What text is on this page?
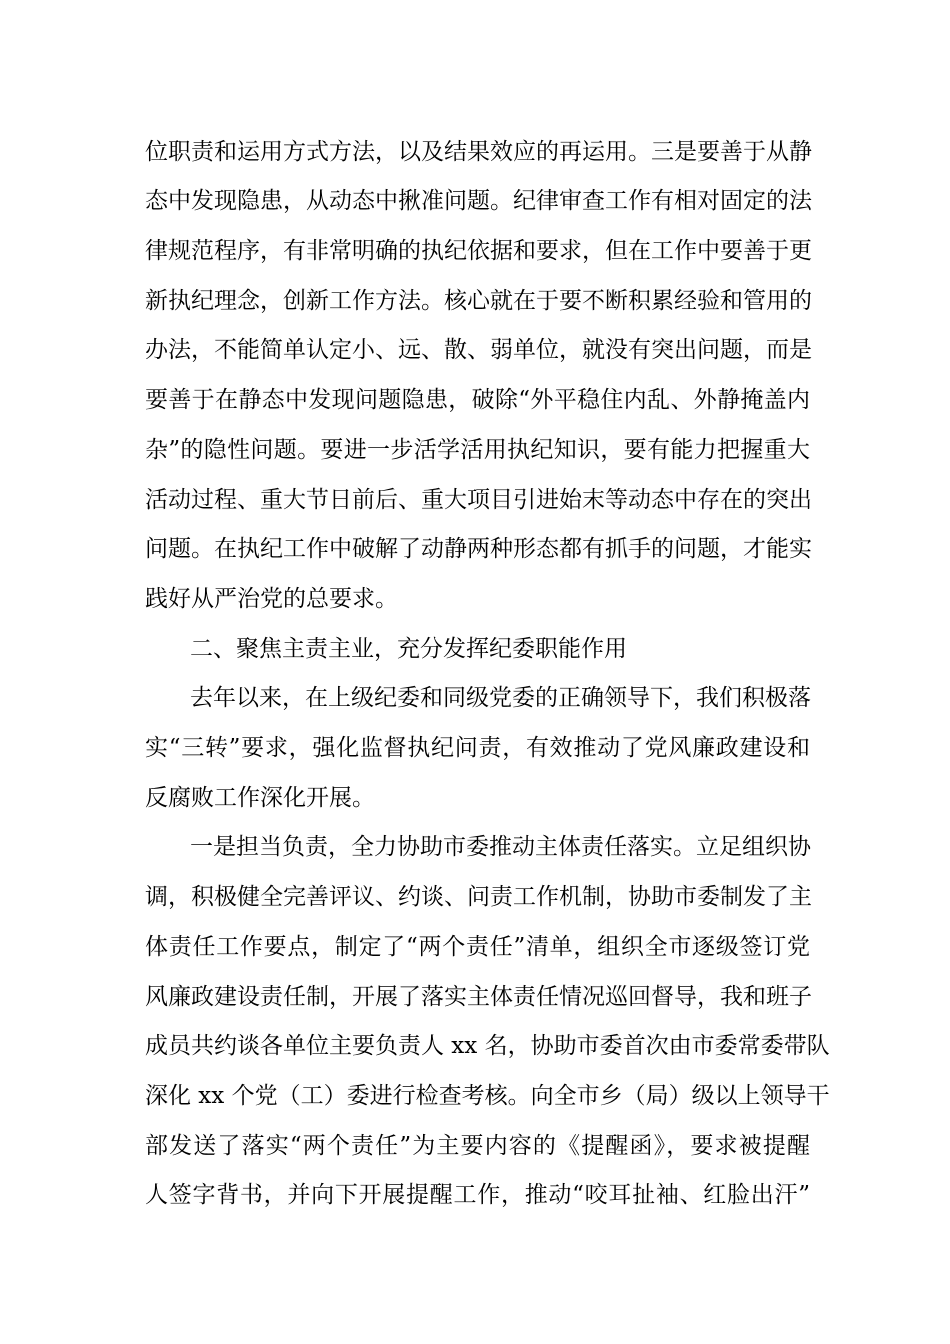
位职责和运用方式方法，以及结果效应的再运用。三是要善于从静
态中发现隐患，从动态中揪准问题。纪律审查工作有相对固定的法
律规范程序，有非常明确的执纪依据和要求，但在工作中要善于更
新执纪理念，创新工作方法。核心就在于要不断积累经验和管用的
办法，不能简单认定小、远、散、弱单位，就没有突出问题，而是
要善于在静态中发现问题隐患，破除“外平稳住内乱、外静掩盖内
杂”的隐性问题。要进一步活学活用执纪知识，要有能力把握重大
活动过程、重大节日前后、重大项目引进始末等动态中存在的突出
问题。在执纪工作中破解了动静两种形态都有抓手的问题，才能实
践好从严治党的总要求。
二、聚焦主责主业，充分发挥纪委职能作用
去年以来，在上级纪委和同级党委的正确领导下，我们积极落
实“三转”要求，强化监督执纪问责，有效推动了党风廉政建设和
反腐败工作深化开展。
一是担当负责，全力协助市委推动主体责任落实。立足组织协
调，积极健全完善评议、约谈、问责工作机制，协助市委制发了主
体责任工作要点，制定了“两个责任”清单，组织全市逐级签订党
风廉政建设责任制，开展了落实主体责任情况巡回督导，我和班子
成员共约谈各单位主要负责人 xx 名，协助市委首次由市委常委带队
深化 xx 个党（工）委进行检查考核。向全市乡（局）级以上领导干
部发送了落实“两个责任”为主要内容的《提醒函》，要求被提醒
人签字背书，并向下开展提醒工作，推动“咬耳扯袖、红脸出汗”
